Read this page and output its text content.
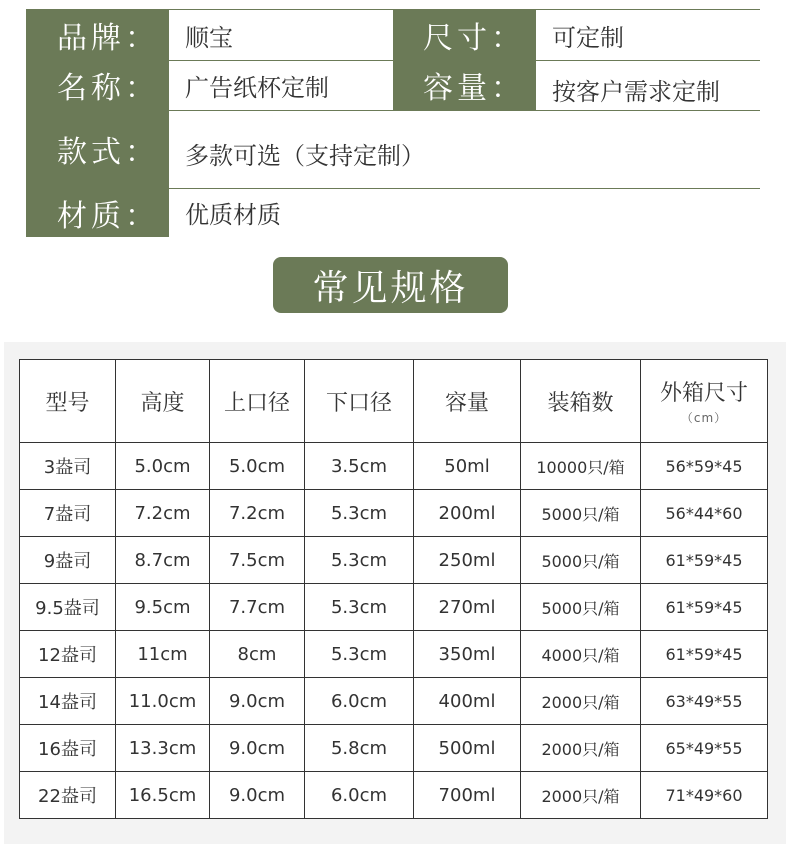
品牌：	顺宝	尺寸：	可定制
名称：	广告纸杯定制	容量：	按客户需求定制
款式：	多款可选（支持定制）
材质：	优质材质
常见规格
型号	高度	上口径	下口径	容量	装箱数	外箱尺寸
（cm）

3盎司	5.0cm	5.0cm	3.5cm	50ml	10000只/箱	56*59*45
7盎司	7.2cm	7.2cm	5.3cm	200ml	5000只/箱	56*44*60
9盎司	8.7cm	7.5cm	5.3cm	250ml	5000只/箱	61*59*45
9.5盎司	9.5cm	7.7cm	5.3cm	270ml	5000只/箱	61*59*45
12盎司	11cm	8cm	5.3cm	350ml	4000只/箱	61*59*45
14盎司	11.0cm	9.0cm	6.0cm	400ml	2000只/箱	63*49*55
16盎司	13.3cm	9.0cm	5.8cm	500ml	2000只/箱	65*49*55
22盎司	16.5cm	9.0cm	6.0cm	700ml	2000只/箱	71*49*60
